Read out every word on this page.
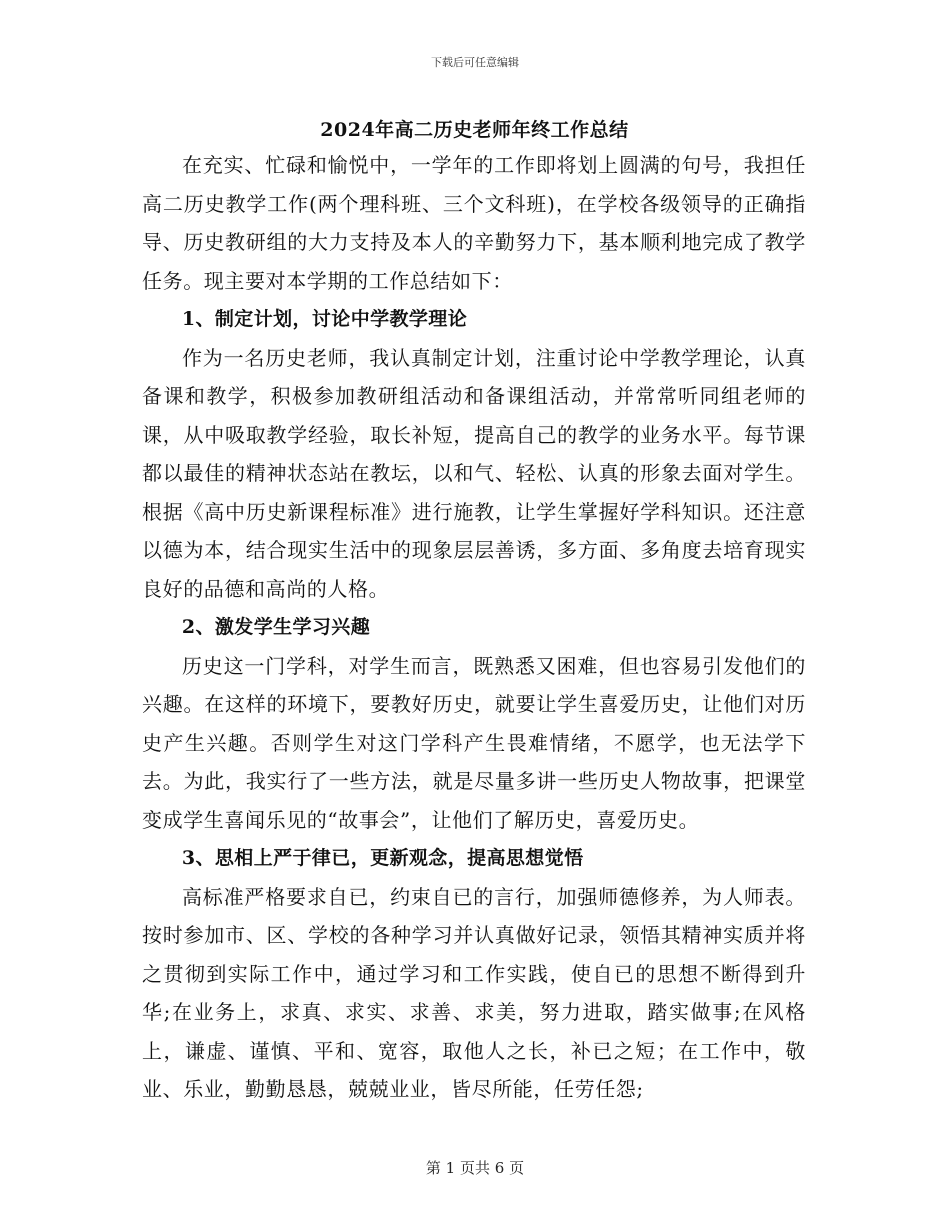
下载后可任意编辑
2024年高二历史老师年终工作总结

在充实、忙碌和愉悦中，一学年的工作即将划上圆满的句号，我担任高二历史教学工作(两个理科班、三个文科班)，在学校各级领导的正确指导、历史教研组的大力支持及本人的辛勤努力下，基本顺利地完成了教学任务。现主要对本学期的工作总结如下：

1、制定计划，讨论中学教学理论

作为一名历史老师，我认真制定计划，注重讨论中学教学理论，认真备课和教学，积极参加教研组活动和备课组活动，并常常听同组老师的课，从中吸取教学经验，取长补短，提高自己的教学的业务水平。每节课都以最佳的精神状态站在教坛，以和气、轻松、认真的形象去面对学生。根据《高中历史新课程标准》进行施教，让学生掌握好学科知识。还注意以德为本，结合现实生活中的现象层层善诱，多方面、多角度去培育现实良好的品德和高尚的人格。

2、激发学生学习兴趣

历史这一门学科，对学生而言，既熟悉又困难，但也容易引发他们的兴趣。在这样的环境下，要教好历史，就要让学生喜爱历史，让他们对历史产生兴趣。否则学生对这门学科产生畏难情绪，不愿学，也无法学下去。为此，我实行了一些方法，就是尽量多讲一些历史人物故事，把课堂变成学生喜闻乐见的“故事会”，让他们了解历史，喜爱历史。

3、思相上严于律已，更新观念，提高思想觉悟

高标准严格要求自已，约束自已的言行，加强师德修养，为人师表。按时参加市、区、学校的各种学习并认真做好记录，领悟其精神实质并将之贯彻到实际工作中，通过学习和工作实践，使自已的思想不断得到升华;在业务上，求真、求实、求善、求美，努力进取，踏实做事;在风格上，谦虚、谨慎、平和、宽容，取他人之长，补已之短；在工作中，敬业、乐业，勤勤恳恳，兢兢业业，皆尽所能，任劳任怨;

第 1 页共 6 页
